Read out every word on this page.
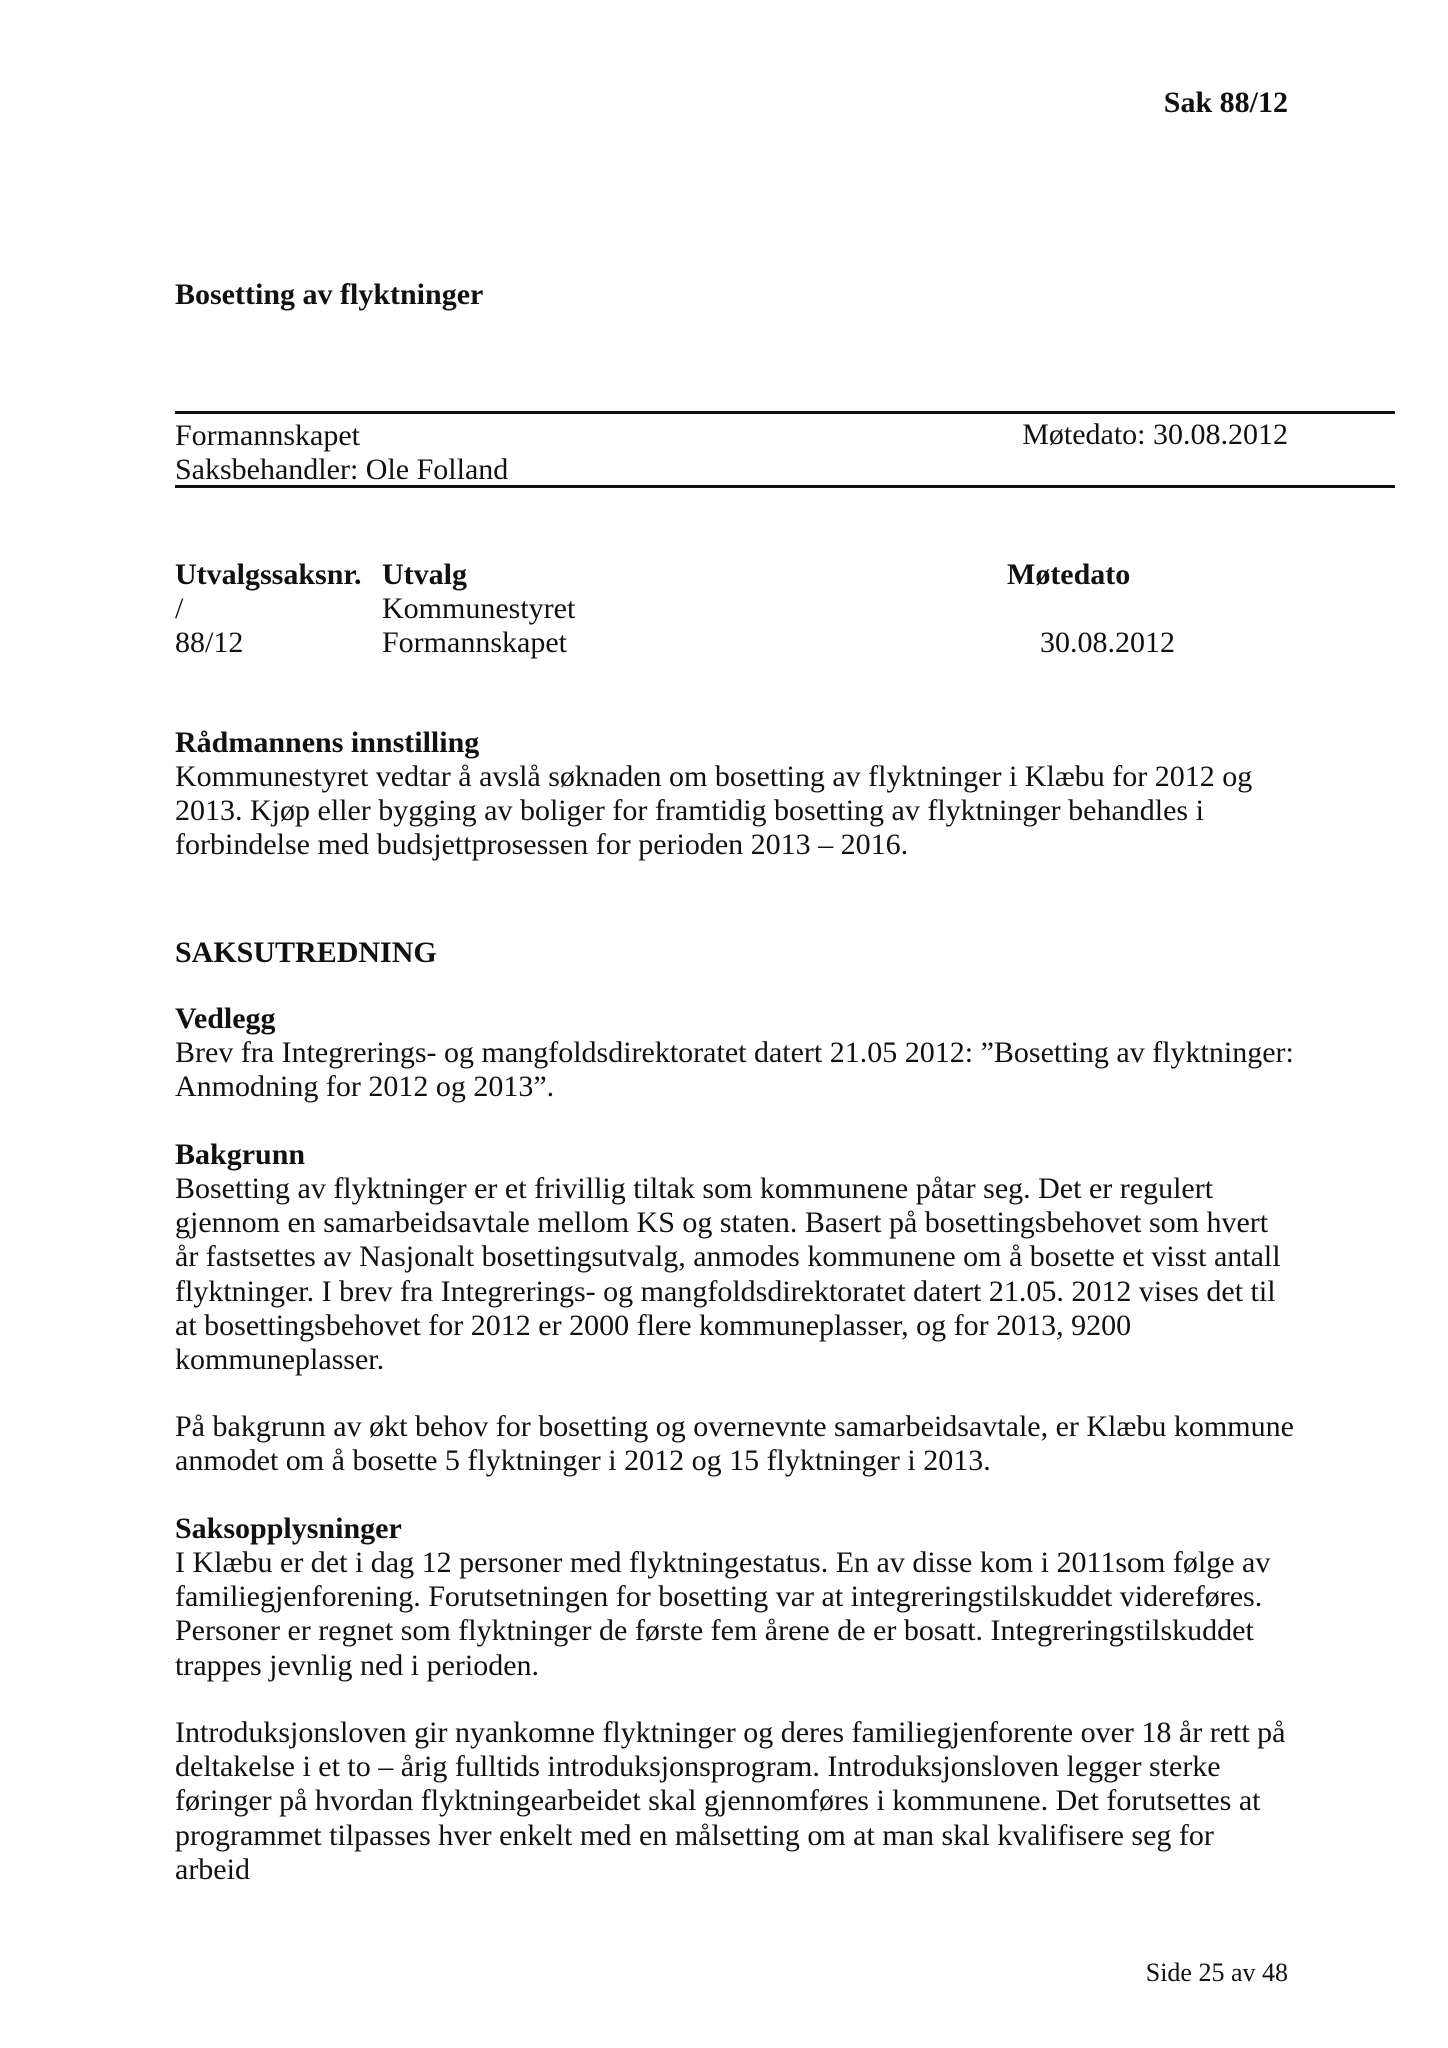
Sak 88/12
Bosetting av flyktninger
Formannskapet	Møtedato: 30.08.2012
Saksbehandler: Ole Folland
Utvalgssaksnr.	Utvalg	Møtedato
/	Kommunestyret	
88/12	Formannskapet	30.08.2012
Rådmannens innstilling
Kommunestyret vedtar å avslå søknaden om bosetting av flyktninger i Klæbu for 2012 og 2013. Kjøp eller bygging av boliger for framtidig bosetting av flyktninger behandles i forbindelse med budsjettprosessen for perioden 2013 – 2016.
SAKSUTREDNING
Vedlegg
Brev fra Integrerings- og mangfoldsdirektoratet datert 21.05 2012: ”Bosetting av flyktninger: Anmodning for 2012 og 2013”.
Bakgrunn
Bosetting av flyktninger er et frivillig tiltak som kommunene påtar seg. Det er regulert gjennom en samarbeidsavtale mellom KS og staten. Basert på bosettingsbehovet som hvert år fastsettes av Nasjonalt bosettingsutvalg, anmodes kommunene om å bosette et visst antall flyktninger. I brev fra Integrerings- og mangfoldsdirektoratet datert 21.05. 2012 vises det til at bosettingsbehovet for 2012 er 2000 flere kommuneplasser, og for 2013, 9200 kommuneplasser.
På bakgrunn av økt behov for bosetting og overnevnte samarbeidsavtale, er Klæbu kommune anmodet om å bosette 5 flyktninger i 2012 og 15 flyktninger i 2013.
Saksopplysninger
I Klæbu er det i dag 12 personer med flyktningestatus. En av disse kom i 2011som følge av familiegjenforening. Forutsetningen for bosetting var at integreringstilskuddet videreføres. Personer er regnet som flyktninger de første fem årene de er bosatt. Integreringstilskuddet trappes jevnlig ned i perioden.
Introduksjonsloven gir nyankomne flyktninger og deres familiegjenforente over 18 år rett på deltakelse i et to – årig fulltids introduksjonsprogram. Introduksjonsloven legger sterke føringer på hvordan flyktningearbeidet skal gjennomføres i kommunene. Det forutsettes at programmet tilpasses hver enkelt med en målsetting om at man skal kvalifisere seg for arbeid
Side 25 av 48
